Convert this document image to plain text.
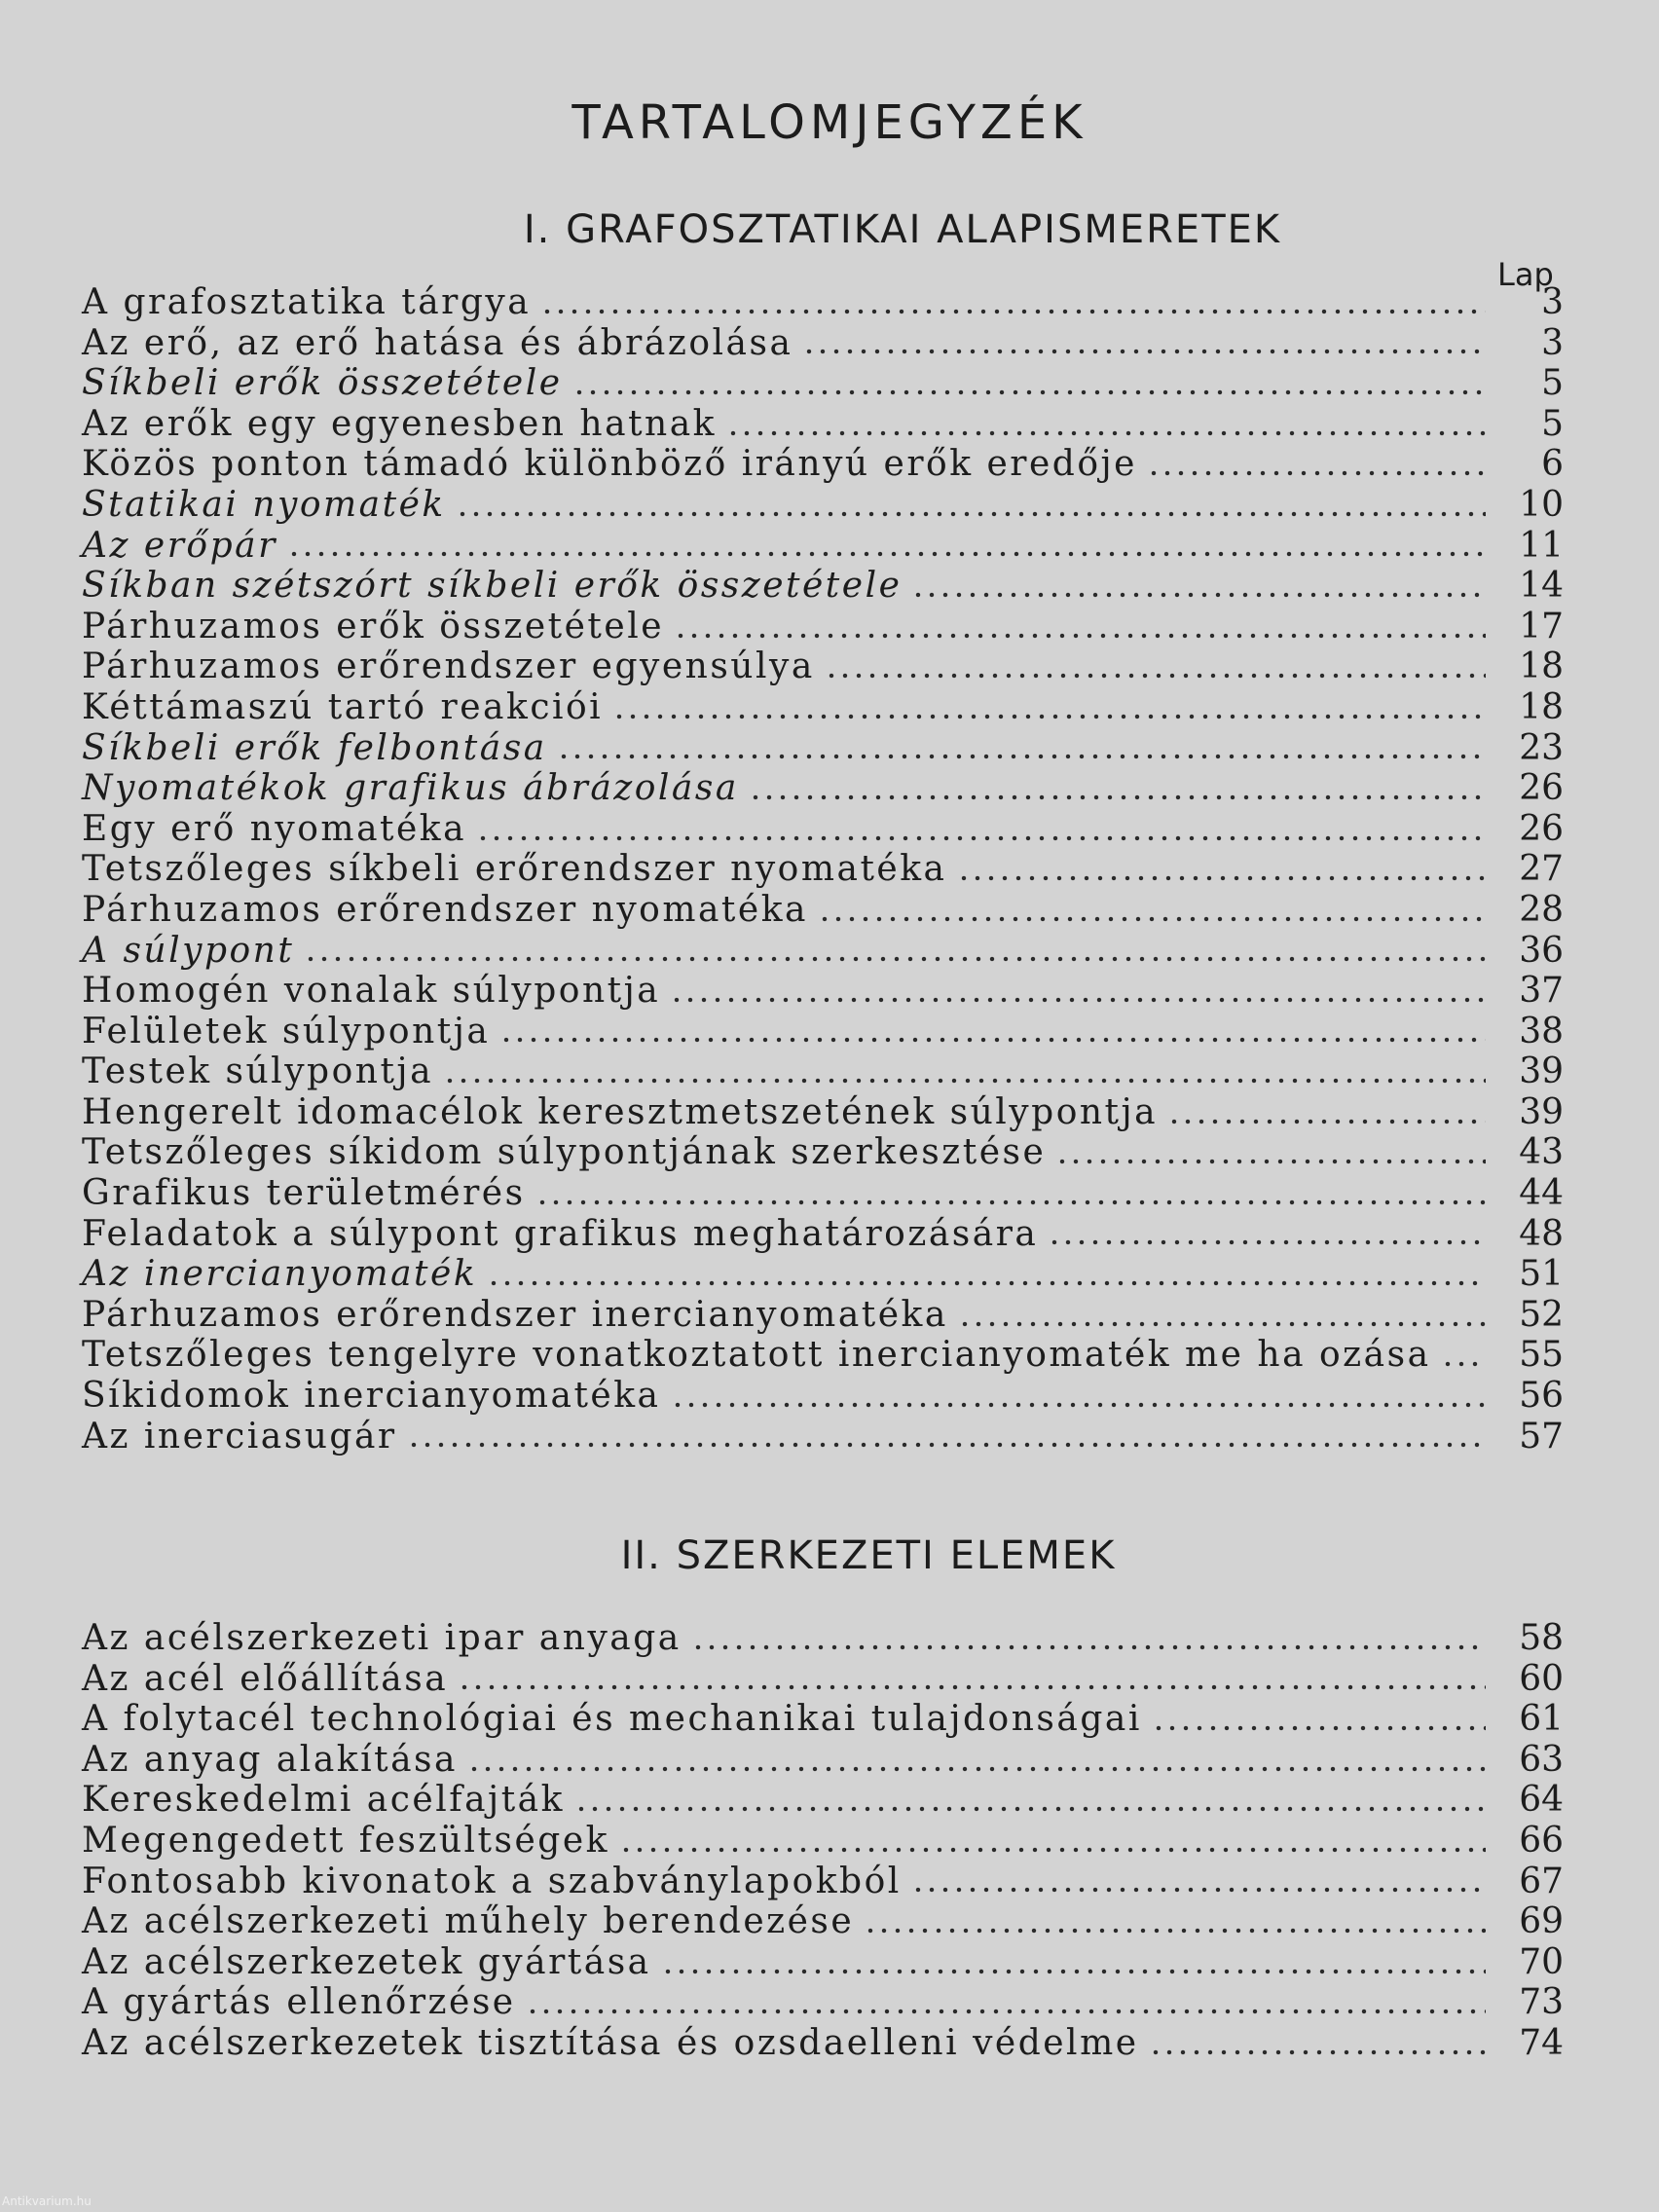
TARTALOMJEGYZÉK
I. GRAFOSZTATIKAI ALAPISMERETEK
Lap
A grafosztatika tárgya	3
Az erő, az erő hatása és ábrázolása	3
Síkbeli erők összetétele	5
Az erők egy egyenesben hatnak	5
Közös ponton támadó különböző irányú erők eredője	6
Statikai nyomaték	10
Az erőpár	11
Síkban szétszórt síkbeli erők összetétele	14
Párhuzamos erők összetétele	17
Párhuzamos erőrendszer egyensúlya	18
Kéttámaszú tartó reakciói	18
Síkbeli erők felbontása	23
Nyomatékok grafikus ábrázolása	26
Egy erő nyomatéka	26
Tetszőleges síkbeli erőrendszer nyomatéka	27
Párhuzamos erőrendszer nyomatéka	28
A súlypont	36
Homogén vonalak súlypontja	37
Felületek súlypontja	38
Testek súlypontja	39
Hengerelt idomacélok keresztmetszetének súlypontja	39
Tetszőleges síkidom súlypontjának szerkesztése	43
Grafikus területmérés	44
Feladatok a súlypont grafikus meghatározására	48
Az inercianyomaték	51
Párhuzamos erőrendszer inercianyomatéka	52
Tetszőleges tengelyre vonatkoztatott inercianyomaték me ha ozása	55
Síkidomok inercianyomatéka	56
Az inerciasugár	57
II. SZERKEZETI ELEMEK
Az acélszerkezeti ipar anyaga	58
Az acél előállítása	60
A folytacél technológiai és mechanikai tulajdonságai	61
Az anyag alakítása	63
Kereskedelmi acélfajták	64
Megengedett feszültségek	66
Fontosabb kivonatok a szabványlapokból	67
Az acélszerkezeti műhely berendezése	69
Az acélszerkezetek gyártása	70
A gyártás ellenőrzése	73
Az acélszerkezetek tisztítása és ozsdaelleni védelme	74
Antikvarium.hu
